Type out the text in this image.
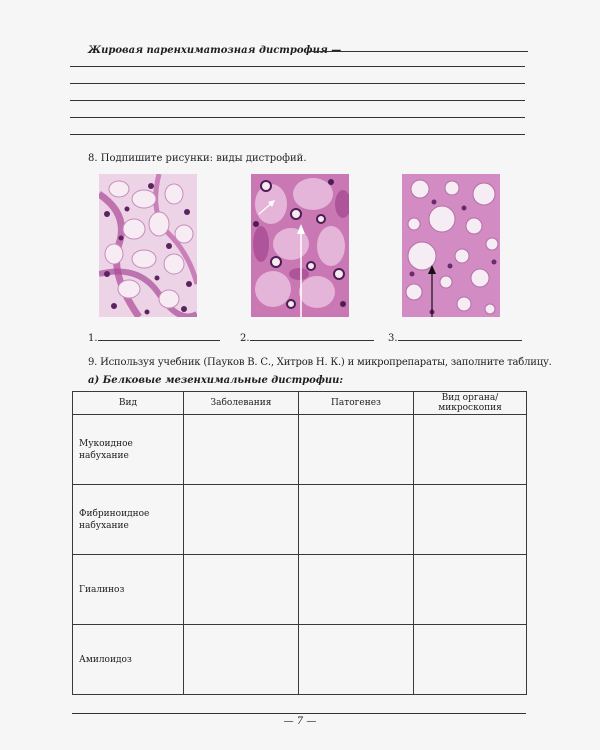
Жировая паренхиматозная дистрофия —
8. Подпишите рисунки: виды дистрофий.
1.	2.	3.
9. Используя учебник (Пауков В. С., Хитров Н. К.) и микропрепараты, заполните таблицу.
а) Белковые мезенхимальные дистрофии:
Вид	Заболевания	Патогенез	Вид органа/ микроскопия
Мукоидное набухание			
Фибриноидное набухание			
Гиалиноз			
Амилоидоз			
— 7 —
